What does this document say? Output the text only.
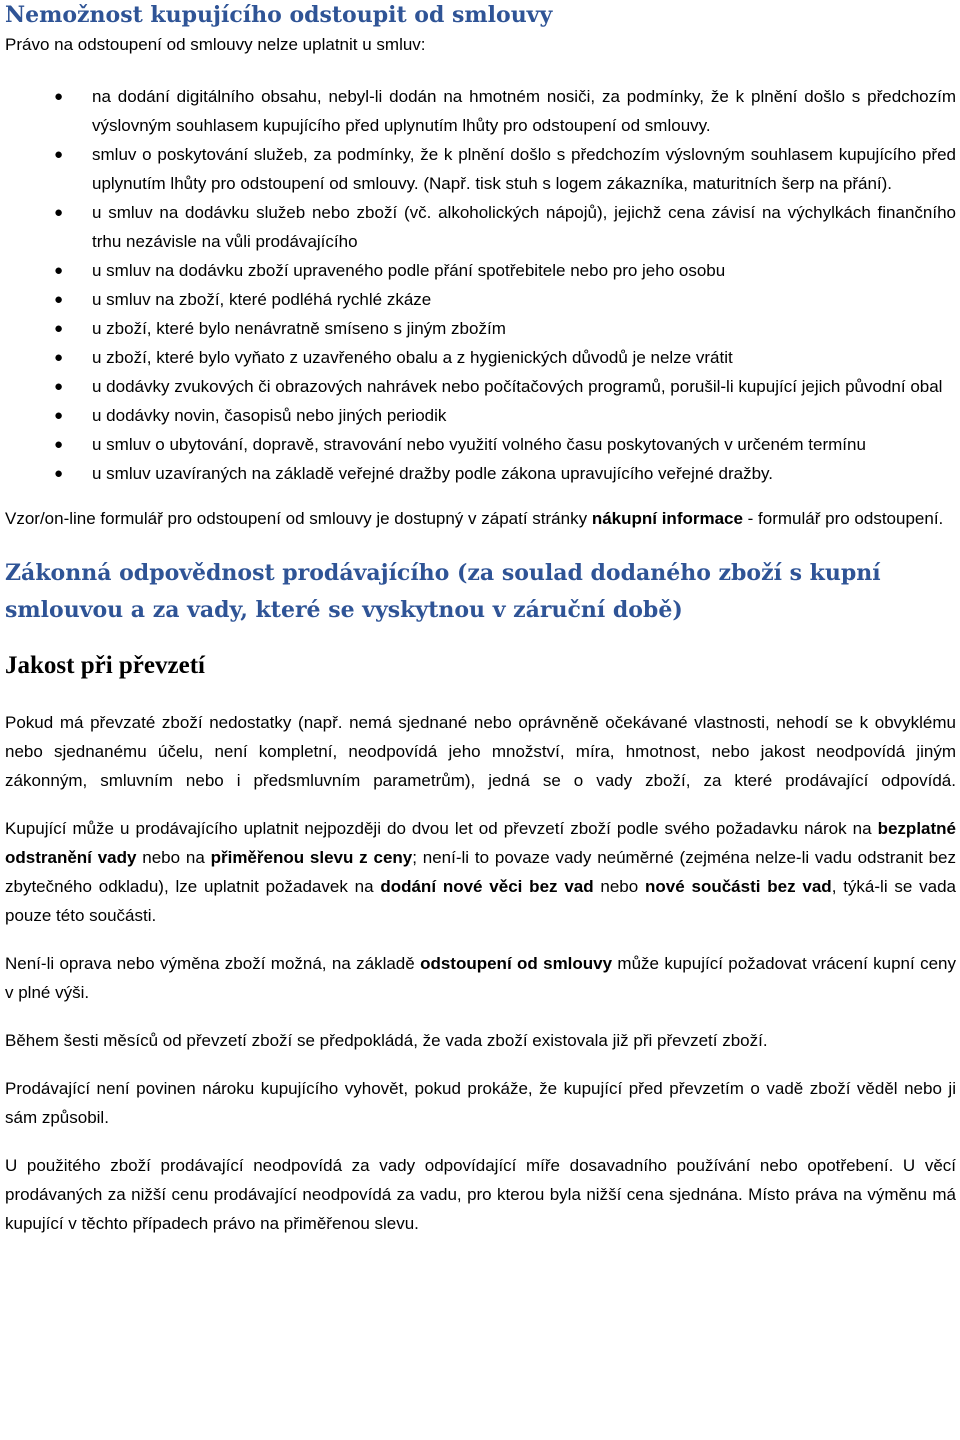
Nemožnost kupujícího odstoupit od smlouvy

Právo na odstoupení od smlouvy nelze uplatnit u smluv:

● na dodání digitálního obsahu, nebyl-li dodán na hmotném nosiči, za podmínky, že k plnění došlo s předchozím výslovným souhlasem kupujícího před uplynutím lhůty pro odstoupení od smlouvy.
● smluv o poskytování služeb, za podmínky, že k plnění došlo s předchozím výslovným souhlasem kupujícího před uplynutím lhůty pro odstoupení od smlouvy. (Např. tisk stuh s logem zákazníka, maturitních šerp na přání).
● u smluv na dodávku služeb nebo zboží (vč. alkoholických nápojů), jejichž cena závisí na výchylkách finančního trhu nezávisle na vůli prodávajícího
● u smluv na dodávku zboží upraveného podle přání spotřebitele nebo pro jeho osobu
● u smluv na zboží, které podléhá rychlé zkáze
● u zboží, které bylo nenávratně smíseno s jiným zbožím
● u zboží, které bylo vyňato z uzavřeného obalu a z hygienických důvodů je nelze vrátit
● u dodávky zvukových či obrazových nahrávek nebo počítačových programů, porušil-li kupující jejich původní obal
● u dodávky novin, časopisů nebo jiných periodik
● u smluv o ubytování, dopravě, stravování nebo využití volného času poskytovaných v určeném termínu
● u smluv uzavíraných na základě veřejné dražby podle zákona upravujícího veřejné dražby.

Vzor/on-line formulář pro odstoupení od smlouvy je dostupný v zápatí stránky nákupní informace - formulář pro odstoupení.

Zákonná odpovědnost prodávajícího (za soulad dodaného zboží s kupní smlouvou a za vady, které se vyskytnou v záruční době)
Jakost při převzetí

Pokud má převzaté zboží nedostatky (např. nemá sjednané nebo oprávněně očekávané vlastnosti, nehodí se k obvyklému nebo sjednanému účelu, není kompletní, neodpovídá jeho množství, míra, hmotnost, nebo jakost neodpovídá jiným zákonným, smluvním nebo i předsmluvním parametrům), jedná se o vady zboží, za které prodávající odpovídá.

Kupující může u prodávajícího uplatnit nejpozději do dvou let od převzetí zboží podle svého požadavku nárok na bezplatné odstranění vady nebo na přiměřenou slevu z ceny; není-li to povaze vady neúměrné (zejména nelze-li vadu odstranit bez zbytečného odkladu), lze uplatnit požadavek na dodání nové věci bez vad nebo nové součásti bez vad, týká-li se vada pouze této součásti.

Není-li oprava nebo výměna zboží možná, na základě odstoupení od smlouvy může kupující požadovat vrácení kupní ceny v plné výši.

Během šesti měsíců od převzetí zboží se předpokládá, že vada zboží existovala již při převzetí zboží.

Prodávající není povinen nároku kupujícího vyhovět, pokud prokáže, že kupující před převzetím o vadě zboží věděl nebo ji sám způsobil.

U použitého zboží prodávající neodpovídá za vady odpovídající míře dosavadního používání nebo opotřebení. U věcí prodávaných za nižší cenu prodávající neodpovídá za vadu, pro kterou byla nižší cena sjednána. Místo práva na výměnu má kupující v těchto případech právo na přiměřenou slevu.
